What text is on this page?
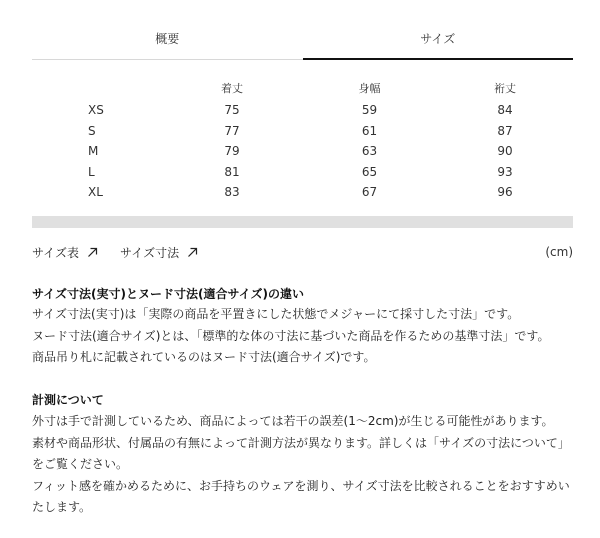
概要	サイズ
	着丈	身幅	裄丈
XS	75	59	84
S	77	61	87
M	79	63	90
L	81	65	93
XL	83	67	96
サイズ表	サイズ寸法	(cm)
サイズ寸法(実寸)とヌード寸法(適合サイズ)の違い

サイズ寸法(実寸)は「実際の商品を平置きにした状態でメジャーにて採寸した寸法」です。

ヌード寸法(適合サイズ)とは、「標準的な体の寸法に基づいた商品を作るための基準寸法」です。

商品吊り札に記載されているのはヌード寸法(適合サイズ)です。

計測について

外寸は手で計測しているため、商品によっては若干の誤差(1〜2cm)が生じる可能性があります。

素材や商品形状、付属品の有無によって計測方法が異なります。詳しくは「サイズの寸法について」をご覧ください。

フィット感を確かめるために、お手持ちのウェアを測り、サイズ寸法を比較されることをおすすめいたします。
